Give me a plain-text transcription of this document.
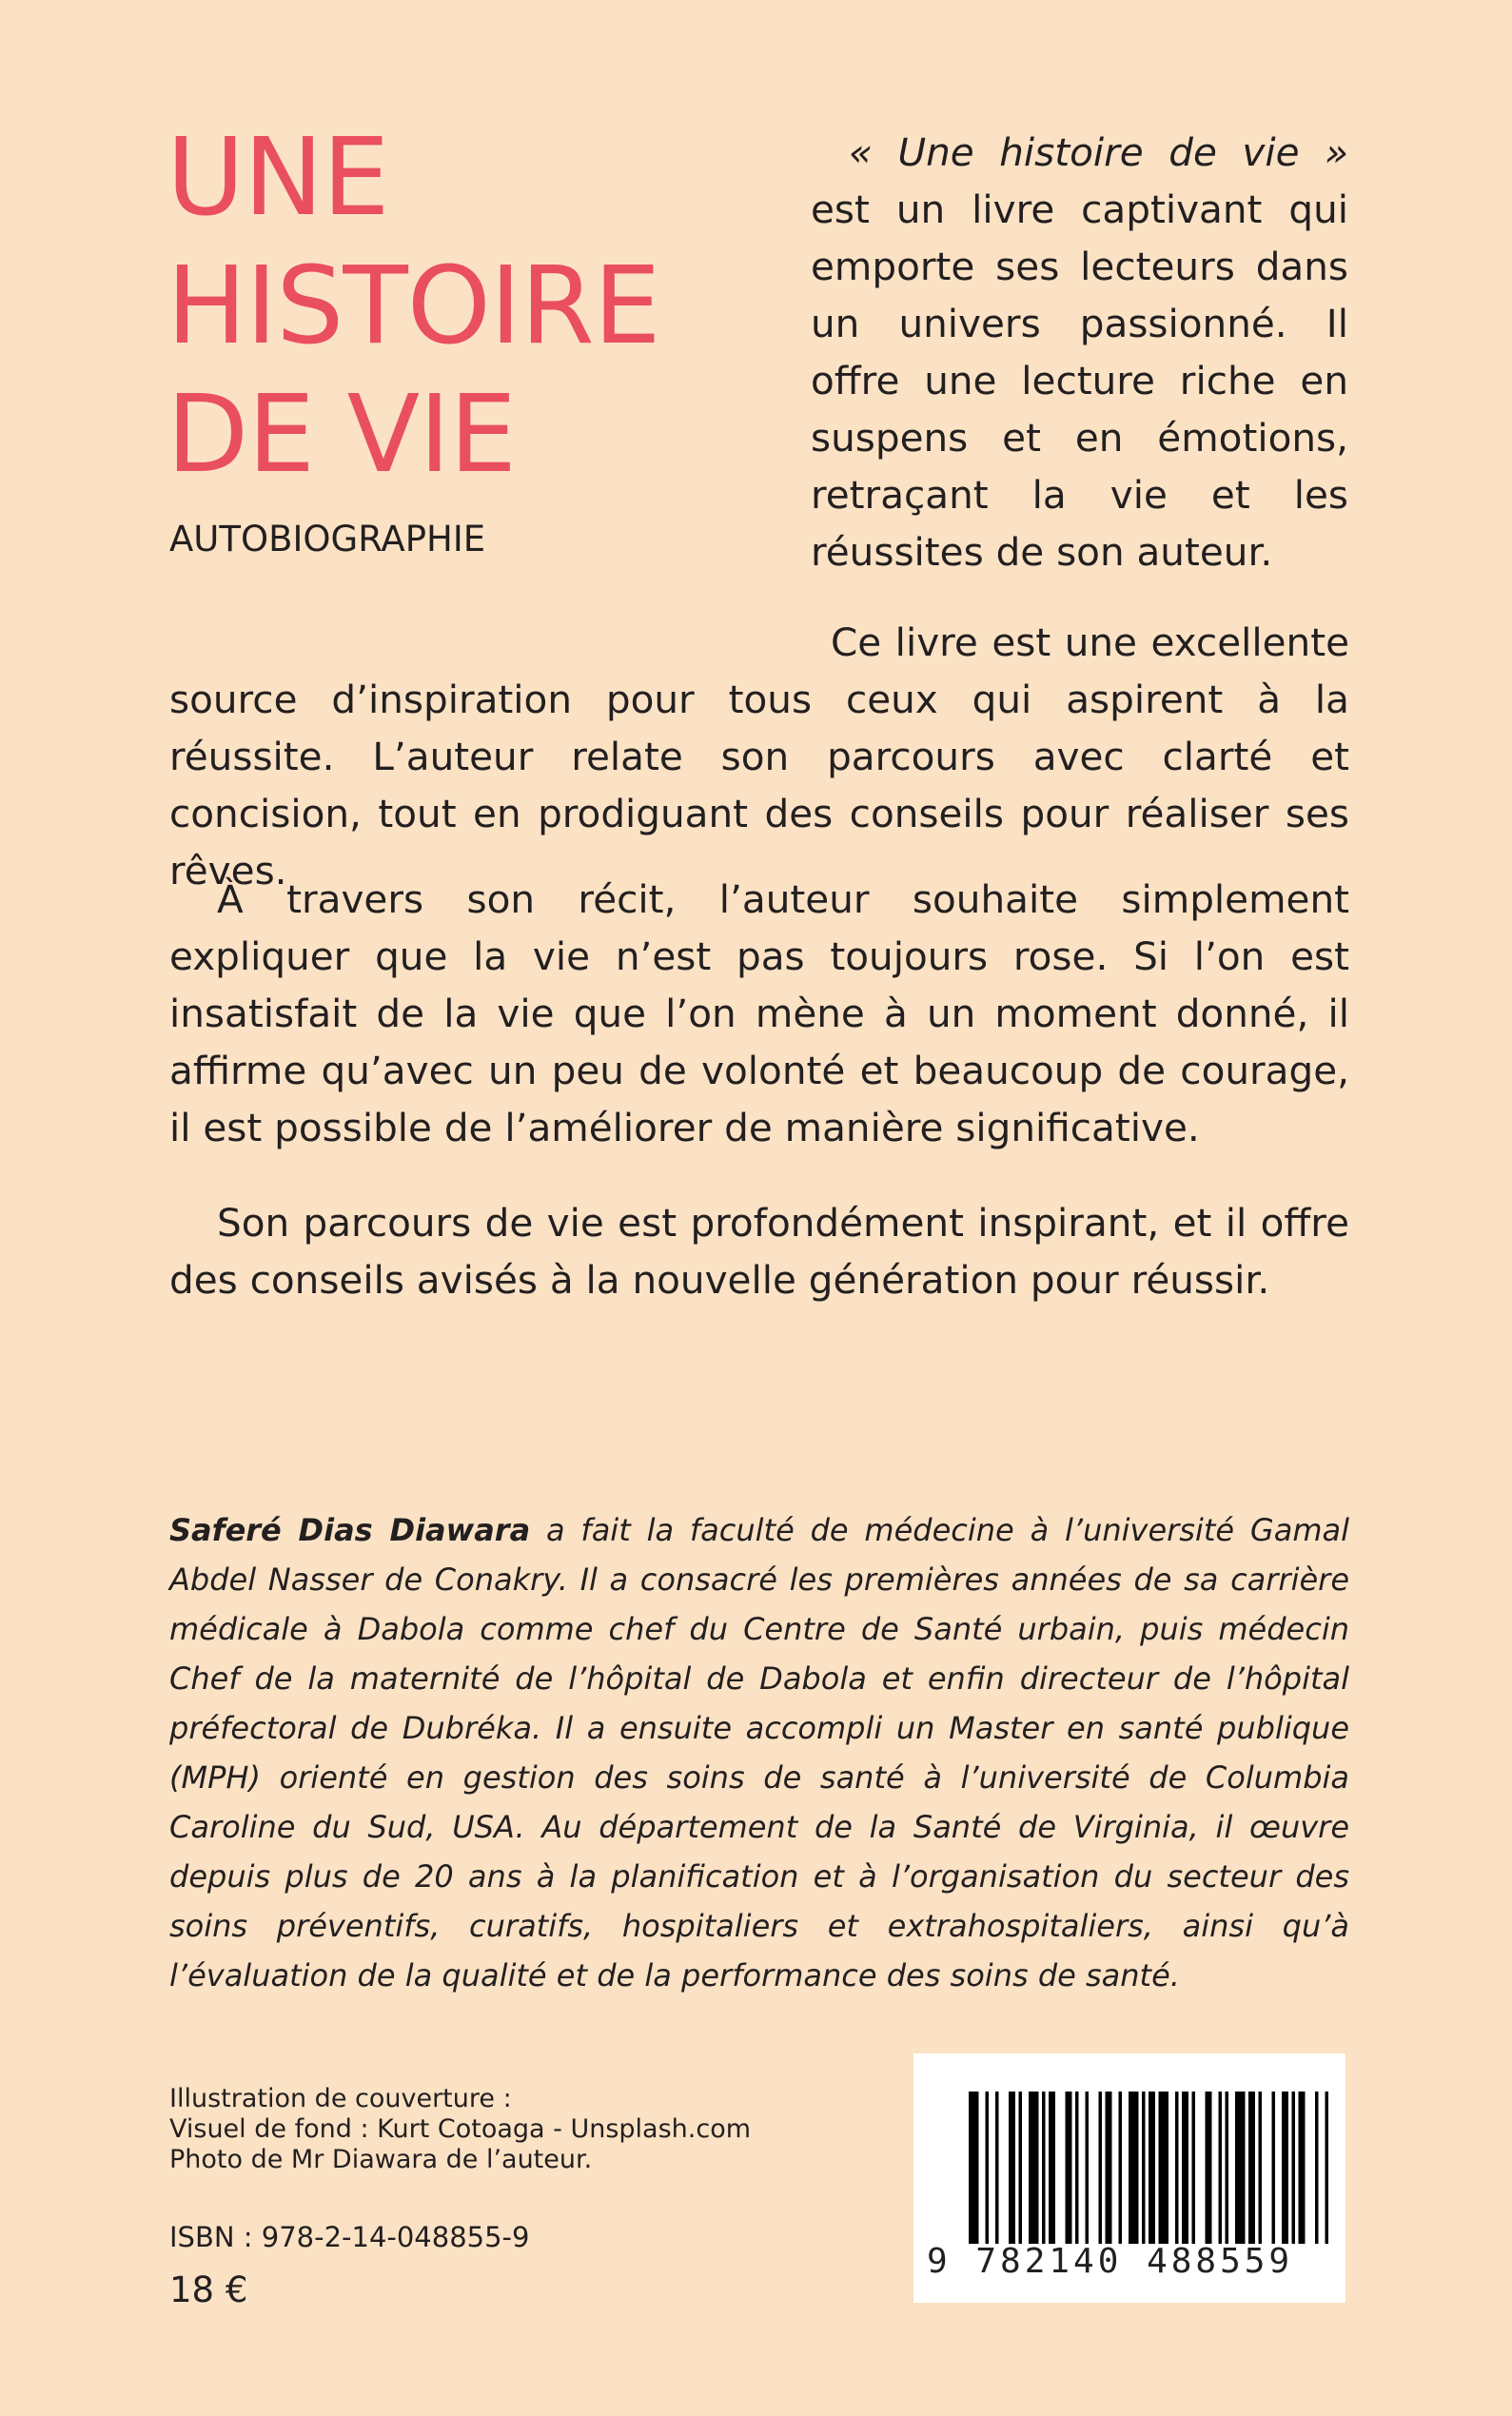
UNE
HISTOIRE
DE VIE
AUTOBIOGRAPHIE
« Une histoire de vie » est un livre captivant qui emporte ses lecteurs dans un univers passionné. Il offre une lecture riche en suspens et en émotions, retraçant la vie et les réussites de son auteur.

Ce livre est une excellente source d’inspiration pour tous ceux qui aspirent à la réussite. L’auteur relate son parcours avec clarté et concision, tout en prodiguant des conseils pour réaliser ses rêves.

À travers son récit, l’auteur souhaite simplement expliquer que la vie n’est pas toujours rose. Si l’on est insatisfait de la vie que l’on mène à un moment donné, il affirme qu’avec un peu de volonté et beaucoup de courage, il est possible de l’améliorer de manière significative.

Son parcours de vie est profondément inspirant, et il offre des conseils avisés à la nouvelle génération pour réussir.

Saferé Dias Diawara a fait la faculté de médecine à l’université Gamal Abdel Nasser de Conakry. Il a consacré les premières années de sa carrière médicale à Dabola comme chef du Centre de Santé urbain, puis médecin Chef de la maternité de l’hôpital de Dabola et enfin directeur de l’hôpital préfectoral de Dubréka. Il a ensuite accompli un Master en santé publique (MPH) orienté en gestion des soins de santé à l’université de Columbia Caroline du Sud, USA. Au département de la Santé de Virginia, il œuvre depuis plus de 20 ans à la planification et à l’organisation du secteur des soins préventifs, curatifs, hospitaliers et extrahospitaliers, ainsi qu’à l’évaluation de la qualité et de la performance des soins de santé.

Illustration de couverture :
Visuel de fond : Kurt Cotoaga - Unsplash.com
Photo de Mr Diawara de l’auteur.
ISBN : 978-2-14-048855-9
18 €
9 782140 488559
